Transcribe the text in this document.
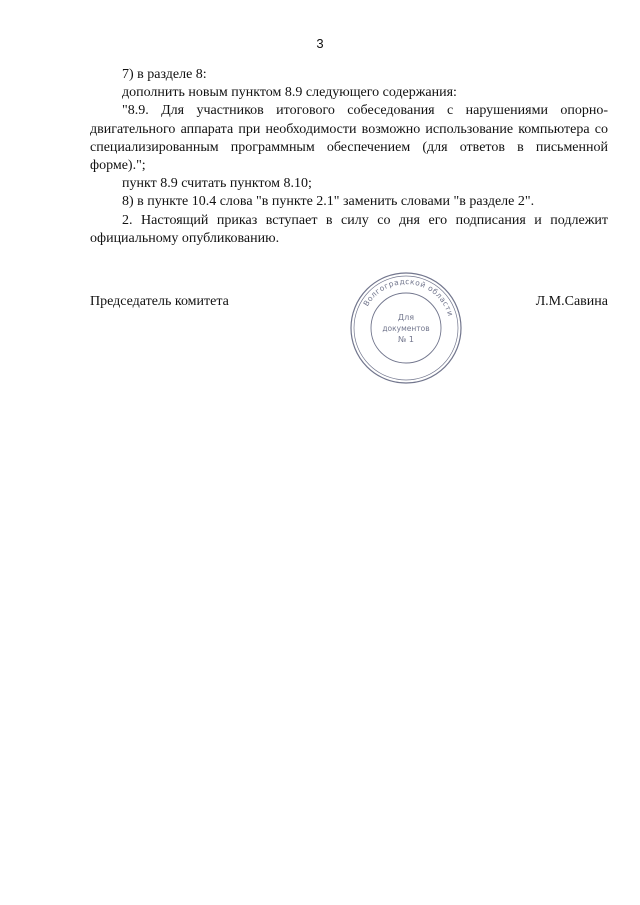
3

7) в разделе 8:

дополнить новым пунктом 8.9 следующего содержания:

"8.9. Для участников итогового собеседования с нарушениями опорно-двигательного аппарата при необходимости возможно использование компьютера со специализированным программным обеспечением (для ответов в письменной форме).";

пункт 8.9 считать пунктом 8.10;

8) в пункте 10.4 слова "в пункте 2.1" заменить словами "в разделе 2".

2. Настоящий приказ вступает в силу со дня его подписания и подлежит официальному опубликованию.

Председатель комитета	Л.М.Савина
Волгоградской области
Для
документов
№ 1
